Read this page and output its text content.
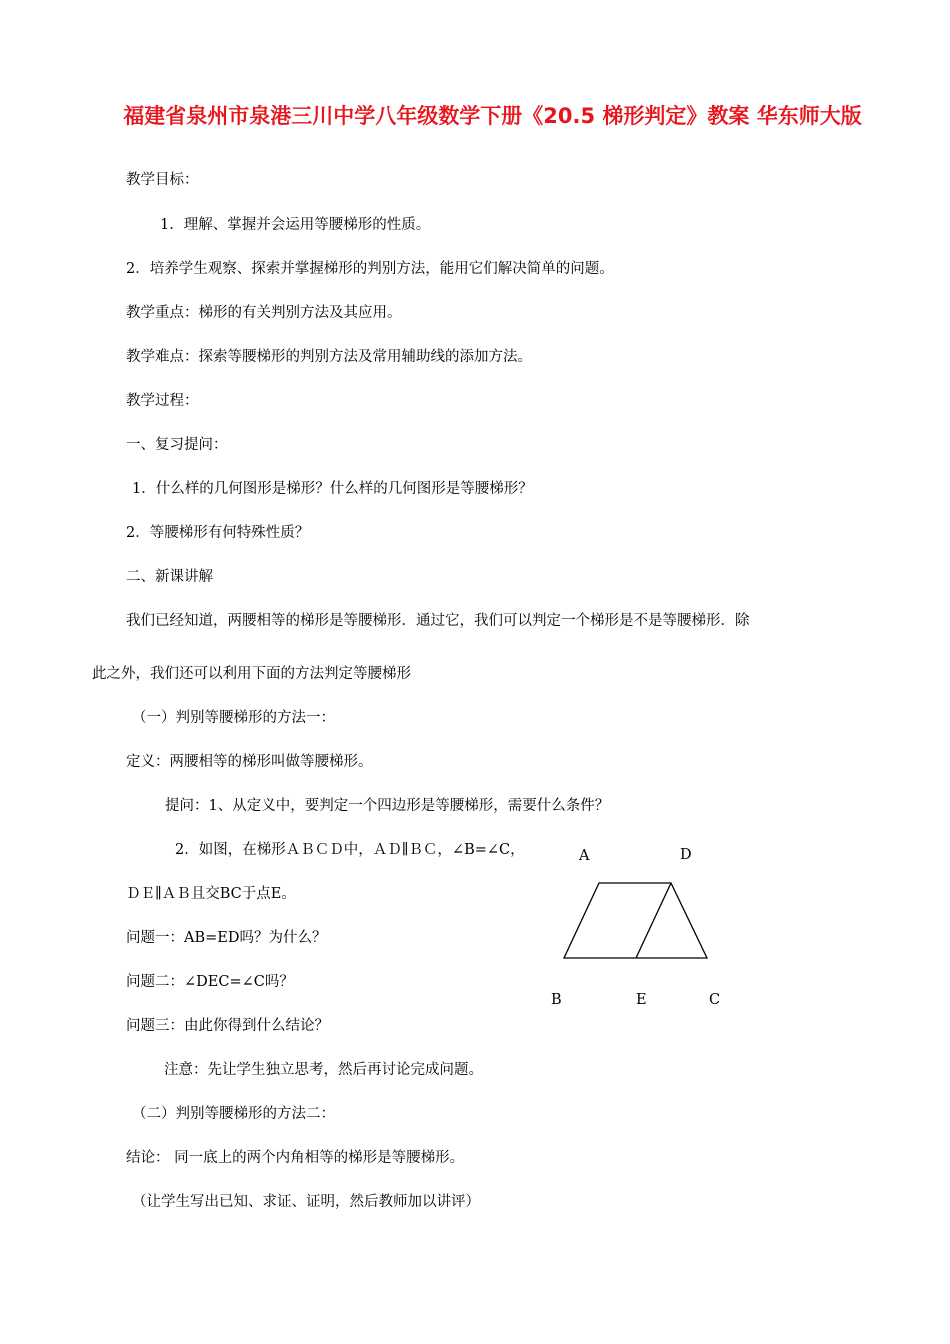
福建省泉州市泉港三川中学八年级数学下册《20.5 梯形判定》教案 华东师大版
教学目标：
1．理解、掌握并会运用等腰梯形的性质。
2．培养学生观察、探索并掌握梯形的判别方法，能用它们解决简单的问题。
教学重点：梯形的有关判别方法及其应用。
教学难点：探索等腰梯形的判别方法及常用辅助线的添加方法。
教学过程：
一、复习提问：
1．什么样的几何图形是梯形？什么样的几何图形是等腰梯形？
2．等腰梯形有何特殊性质？
二、新课讲解
我们已经知道，两腰相等的梯形是等腰梯形．通过它，我们可以判定一个梯形是不是等腰梯形．除
此之外，我们还可以利用下面的方法判定等腰梯形
（一）判别等腰梯形的方法一：
定义：两腰相等的梯形叫做等腰梯形。
提问：1、从定义中，要判定一个四边形是等腰梯形，需要什么条件？
2．如图，在梯形ＡＢＣＤ中，ＡＤ∥ＢＣ，∠B=∠C，
ＤＥ∥ＡＢ且交BC于点E。
问题一：AB=ED吗？为什么？
问题二：∠DEC=∠C吗？
问题三：由此你得到什么结论？
注意：先让学生独立思考，然后再讨论完成问题。
（二）判别等腰梯形的方法二：
结论： 同一底上的两个内角相等的梯形是等腰梯形。
（让学生写出已知、求证、证明，然后教师加以讲评）
A	D
B	E	C
